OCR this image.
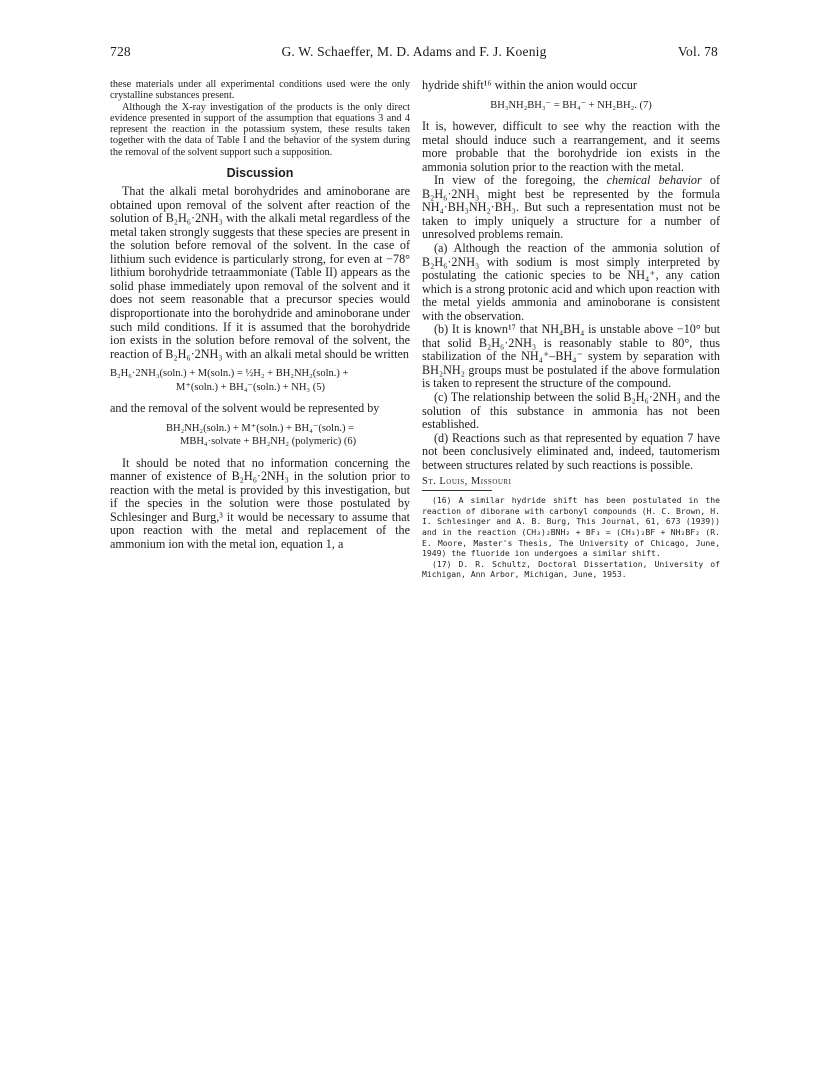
728	G. W. Schaeffer, M. D. Adams and F. J. Koenig	Vol. 78

these materials under all experimental conditions used were the only crystalline substances present.

Although the X-ray investigation of the products is the only direct evidence presented in support of the assumption that equations 3 and 4 represent the reaction in the potassium system, these results taken together with the data of Table I and the behavior of the system during the removal of the solvent support such a supposition.

Discussion

That the alkali metal borohydrides and aminoborane are obtained upon removal of the solvent after reaction of the solution of B₂H₆·2NH₃ with the alkali metal regardless of the metal taken strongly suggests that these species are present in the solution before removal of the solvent. In the case of lithium such evidence is particularly strong, for even at −78° lithium borohydride tetraammoniate (Table II) appears as the solid phase immediately upon removal of the solvent and it does not seem reasonable that a precursor species would disproportionate into the borohydride and aminoborane under such mild conditions. If it is assumed that the borohydride ion exists in the solution before removal of the solvent, the reaction of B₂H₆·2NH₃ with an alkali metal should be written

B₂H₆·2NH₃(soln.) + M(soln.) = ½H₂ + BH₂NH₂(soln.) +
M⁺(soln.) + BH₄⁻(soln.) + NH₃ (5)

and the removal of the solvent would be represented by

BH₂NH₂(soln.) + M⁺(soln.) + BH₄⁻(soln.) =
MBH₄·solvate + BH₂NH₂ (polymeric) (6)

It should be noted that no information concerning the manner of existence of B₂H₆·2NH₃ in the solution prior to reaction with the metal is provided by this investigation, but if the species in the solution were those postulated by Schlesinger and Burg,³ it would be necessary to assume that upon reaction with the metal and replacement of the ammonium ion with the metal ion, equation 1, a

hydride shift¹⁶ within the anion would occur

BH₃NH₂BH₃⁻ = BH₄⁻ + NH₂BH₂. (7)

It is, however, difficult to see why the reaction with the metal should induce such a rearrangement, and it seems more probable that the borohydride ion exists in the ammonia solution prior to the reaction with the metal.

In view of the foregoing, the chemical behavior of B₂H₆·2NH₃ might best be represented by the formula NH₄·BH₃NH₂·BH₃. But such a representation must not be taken to imply uniquely a structure for a number of unresolved problems remain.

(a) Although the reaction of the ammonia solution of B₂H₆·2NH₃ with sodium is most simply interpreted by postulating the cationic species to be NH₄⁺, any cation which is a strong protonic acid and which upon reaction with the metal yields ammonia and aminoborane is consistent with the observation.

(b) It is known¹⁷ that NH₄BH₄ is unstable above −10° but that solid B₂H₆·2NH₃ is reasonably stable to 80°, thus stabilization of the NH₄⁺–BH₄⁻ system by separation with BH₂NH₂ groups must be postulated if the above formulation is taken to represent the structure of the compound.

(c) The relationship between the solid B₂H₆·2NH₃ and the solution of this substance in ammonia has not been established.

(d) Reactions such as that represented by equation 7 have not been conclusively eliminated and, indeed, tautomerism between structures related by such reactions is possible.

St. Louis, Missouri

(16) A similar hydride shift has been postulated in the reaction of diborane with carbonyl compounds (H. C. Brown, H. I. Schlesinger and A. B. Burg, This Journal, 61, 673 (1939)) and in the reaction (CH₃)₂BNH₂ + BF₃ = (CH₃)₂BF + NH₂BF₂ (R. E. Moore, Master's Thesis, The University of Chicago, June, 1949) the fluoride ion undergoes a similar shift.

(17) D. R. Schultz, Doctoral Dissertation, University of Michigan, Ann Arbor, Michigan, June, 1953.
